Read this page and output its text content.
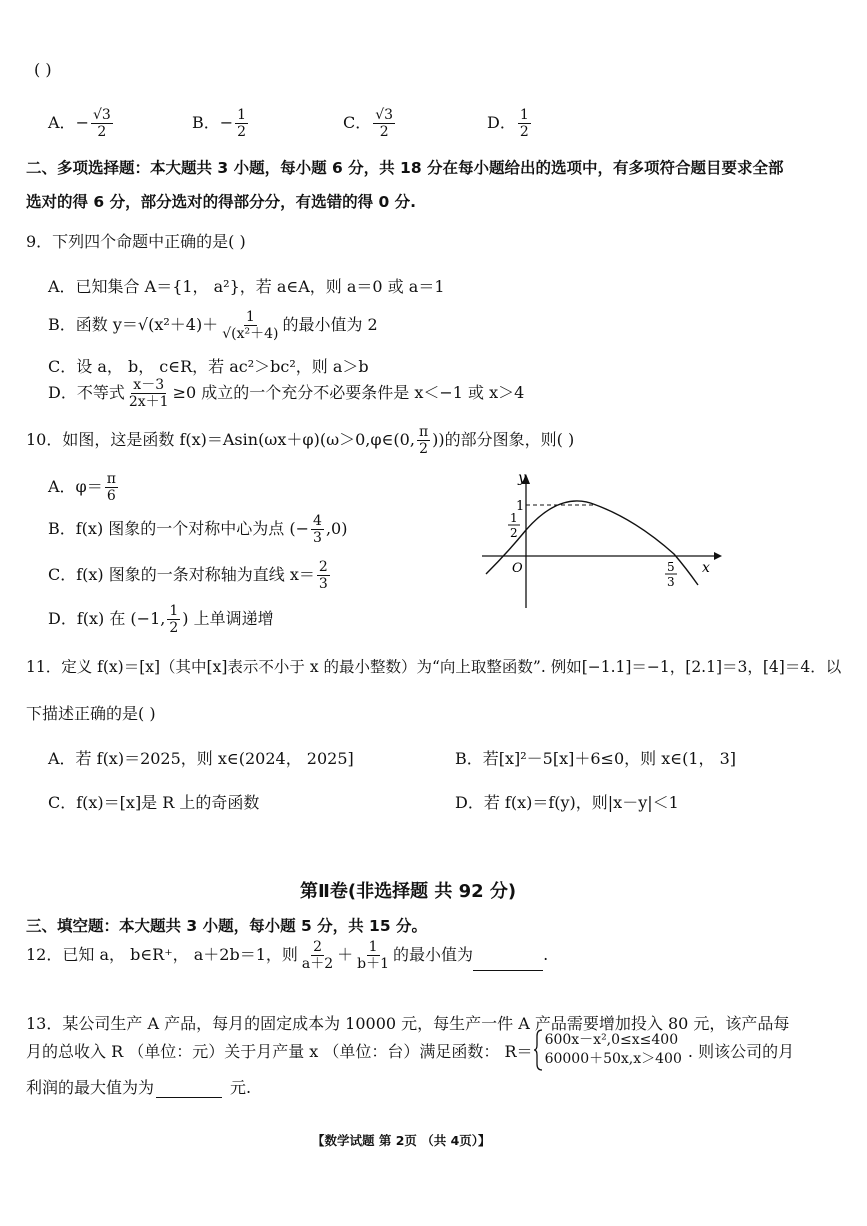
( )
A．− $\frac{√3}{2}$	B．− $\frac{1}{2}$	C． $\frac{√3}{2}$	D． $\frac{1}{2}$
二、多项选择题：本大题共 3 小题，每小题 6 分，共 18 分在每小题给出的选项中，有多项符合题目要求全部
选对的得 6 分，部分选对的得部分分，有选错的得 0 分.
9．下列四个命题中正确的是( )
A．已知集合 A＝{1， a²}，若 a∈A，则 a＝0 或 a＝1
B．函数 $y=√(x^2+4)+ \frac{1}{\text{√(x²＋4)}}$ 的最小值为 2
C．设 a， b， c∈R，若 ac²＞bc²，则 a＞b
D．不等式 $\frac{x-3}{2x+1} \ge 0$ 成立的一个充分不必要条件是 x＜−1 或 x＞4
10．如图，这是函数 f(x)＝Asin(ωx＋φ)(ω＞0,φ∈(0, $\frac{\pi}{2}$ ))的部分图象，则( )
A．$\varphi= \frac{\pi}{6}$
B．f(x) 图象的一个对称中心为点 (− $\frac{4}{3} ,0$)
C．f(x) 图象的一条对称轴为直线 $x= \frac{2}{3}$
D．f(x) 在 (−1, $\frac{1}{2}$ ) 上单调递增
y
x
O
1
1
2
5
3
11．定义 f(x)＝[x]（其中[x]表示不小于 x 的最小整数）为“向上取整函数”. 例如[−1.1]＝−1，[2.1]＝3，[4]＝4．以
下描述正确的是( )
A．若 f(x)＝2025，则 x∈(2024， 2025]	B．若[x]²－5[x]＋6≤0，则 x∈(1， 3]
C．f(x)＝[x]是 R 上的奇函数	D．若 f(x)＝f(y)，则|x－y|＜1
第Ⅱ卷(非选择题 共 92 分)
三、填空题：本大题共 3 小题，每小题 5 分，共 15 分。
12．已知 a， b∈R⁺， a＋2b＝1，则 $\frac{2}{a+2} + \frac{1}{b+1}$ 的最小值为	.
13．某公司生产 A 产品，每月的固定成本为 10000 元，每生产一件 A 产品需要增加投入 80 元，该产品每
月的总收入 R （单位：元）关于月产量 x （单位：台）满足函数： R＝
600x－x²,0≤x≤400
60000＋50x,x＞400 . 则该公司的月
利润的最大值为为	元.
【数学试题 第 2页 （共 4页）】
